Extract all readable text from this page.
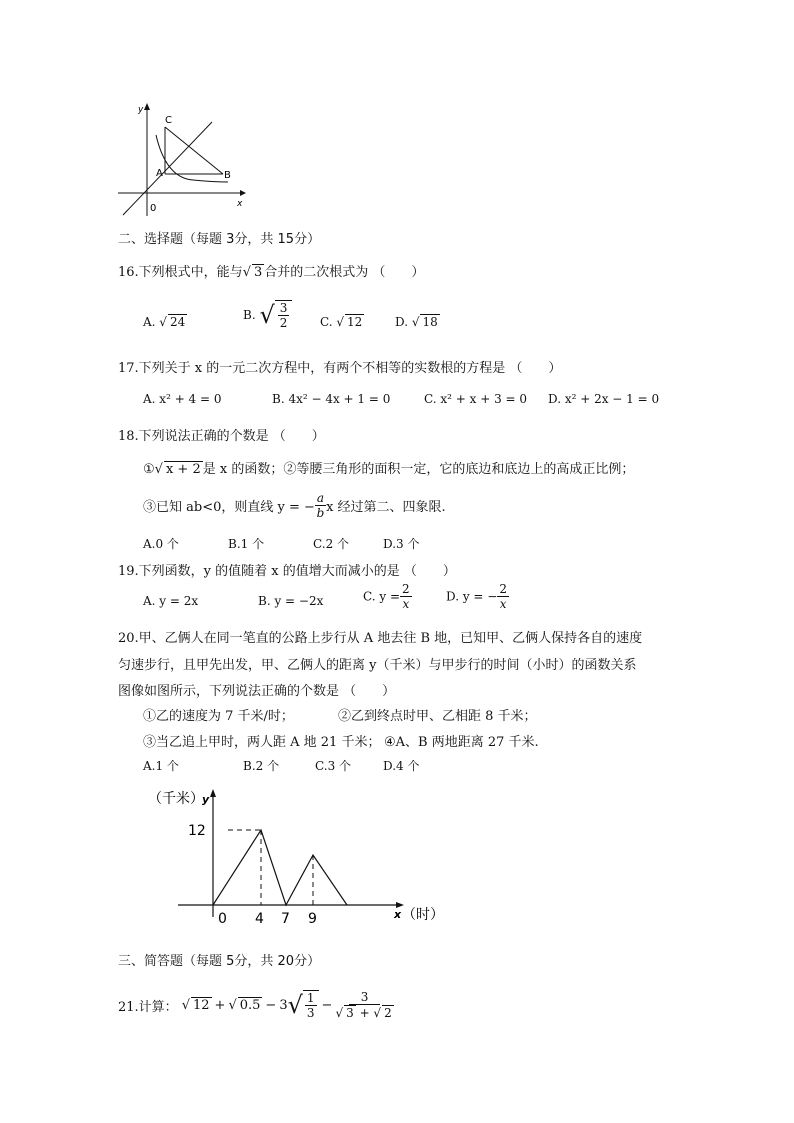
y
C
A	B
0	x
二、选择题（每题 3分，共 15分）
16.下列根式中，能与√ 3 合并的二次根式为 （　　）
A. √ 24	B. √ $\frac{3}{2} C$. √ 12	D. √ 18
17.下列关于 x 的一元二次方程中，有两个不相等的实数根的方程是 （　　）
A. x² + 4 = 0	B. 4x² − 4x + 1 = 0	C. x² + x + 3 = 0 D. x² + 2x − 1 = 0
18.下列说法正确的个数是 （　　）
①√ x + 2 是 x 的函数；②等腰三角形的面积一定，它的底边和底边上的高成正比例；
③已知 ab<0，则直线 y = − $\frac{a}{b}$ x 经过第二、四象限.
A.0 个	B.1 个	C.2 个	D.3 个
19.下列函数，y 的值随着 x 的值增大而减小的是 （　　）
A. y = 2x	B. y = −2x	C. $y = \frac{2}{x}$	D. y = − $\frac{2}{x}$
20.甲、乙俩人在同一笔直的公路上步行从 A 地去往 B 地，已知甲、乙俩人保持各自的速度
匀速步行，且甲先出发，甲、乙俩人的距离 y（千米）与甲步行的时间（小时）的函数关系
图像如图所示，下列说法正确的个数是 （　　）
①乙的速度为 7 千米/时；	②乙到终点时甲、乙相距 8 千米；
③当乙追上甲时，两人距 A 地 21 千米； ④A、B 两地距离 27 千米.
A.1 个	B.2 个	C.3 个	D.4 个
（千米）
y
12
0 4 7 9	x （时）
三、简答题（每题 5分，共 20分）
21.计算： √ 12 + √ 0.5 − 3 √ $\frac{1}{3} - \frac{3}{√ 3 + √ 2}$
